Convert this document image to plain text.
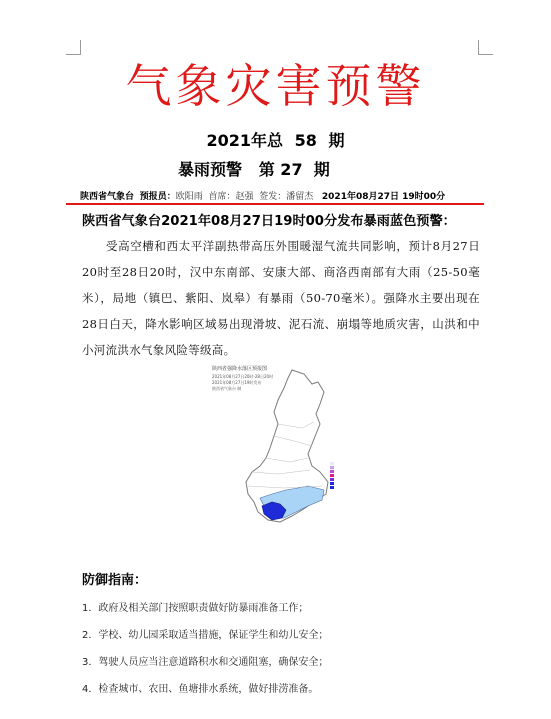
气象灾害预警
2021年总 58 期
暴雨预警 第 27 期
陕西省气象台 预报员：欧阳雨 首席：赵强 签发：潘留杰 2021年08月27日 19时00分
陕西省气象台2021年08月27日19时00分发布暴雨蓝色预警：
受高空槽和西太平洋副热带高压外围暖湿气流共同影响，预计8月27日20时至28日20时，汉中东南部、安康大部、商洛西南部有大雨（25-50毫米），局地（镇巴、紫阳、岚皋）有暴雨（50-70毫米）。强降水主要出现在28日白天，降水影响区域易出现滑坡、泥石流、崩塌等地质灾害，山洪和中小河流洪水气象风险等级高。
陕西省强降水落区预报图
2021年08月27日20时-28日20时
2021年08月27日19时发布
陕西省气象台 制
防御指南：
1．政府及相关部门按照职责做好防暴雨准备工作；
2．学校、幼儿园采取适当措施，保证学生和幼儿安全；
3．驾驶人员应当注意道路积水和交通阻塞，确保安全；
4．检查城市、农田、鱼塘排水系统，做好排涝准备。
